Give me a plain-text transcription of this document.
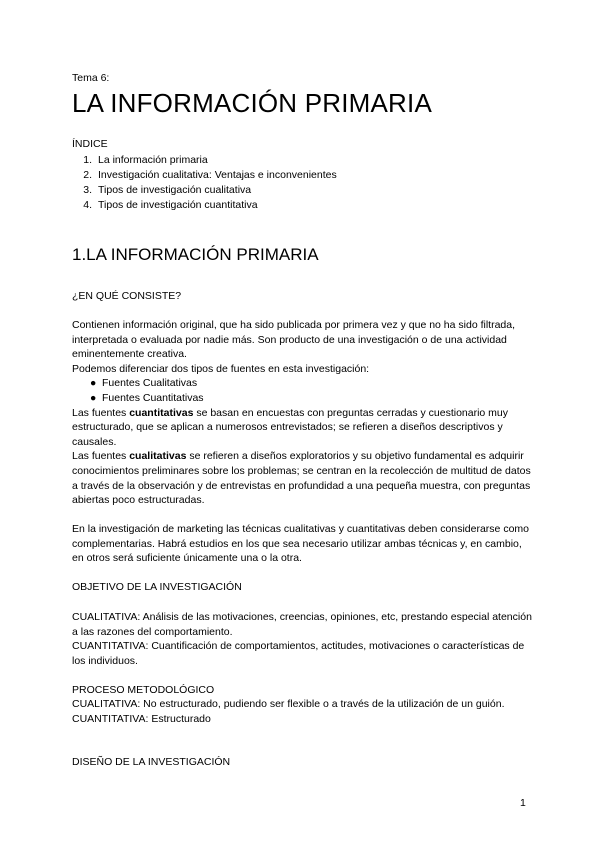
Tema 6:
LA INFORMACIÓN PRIMARIA
ÍNDICE
1. La información primaria
2. Investigación cualitativa: Ventajas e inconvenientes
3. Tipos de investigación cualitativa
4. Tipos de investigación cuantitativa
1.LA INFORMACIÓN PRIMARIA
¿EN QUÉ CONSISTE?

Contienen información original, que ha sido publicada por primera vez y que no ha sido filtrada, interpretada o evaluada por nadie más. Son producto de una investigación o de una actividad eminentemente creativa.

Podemos diferenciar dos tipos de fuentes en esta investigación:

● Fuentes Cualitativas
● Fuentes Cuantitativas

Las fuentes cuantitativas se basan en encuestas con preguntas cerradas y cuestionario muy estructurado, que se aplican a numerosos entrevistados; se refieren a diseños descriptivos y causales.

Las fuentes cualitativas se refieren a diseños exploratorios y su objetivo fundamental es adquirir conocimientos preliminares sobre los problemas; se centran en la recolección de multitud de datos a través de la observación y de entrevistas en profundidad a una pequeña muestra, con preguntas abiertas poco estructuradas.

En la investigación de marketing las técnicas cualitativas y cuantitativas deben considerarse como complementarias. Habrá estudios en los que sea necesario utilizar ambas técnicas y, en cambio, en otros será suficiente únicamente una o la otra.
OBJETIVO DE LA INVESTIGACIÓN

CUALITATIVA: Análisis de las motivaciones, creencias, opiniones, etc, prestando especial atención a las razones del comportamiento.

CUANTITATIVA: Cuantificación de comportamientos, actitudes, motivaciones o características de los individuos.

PROCESO METODOLÓGICO

CUALITATIVA: No estructurado, pudiendo ser flexible o a través de la utilización de un guión.

CUANTITATIVA: Estructurado

DISEÑO DE LA INVESTIGACIÓN
1
